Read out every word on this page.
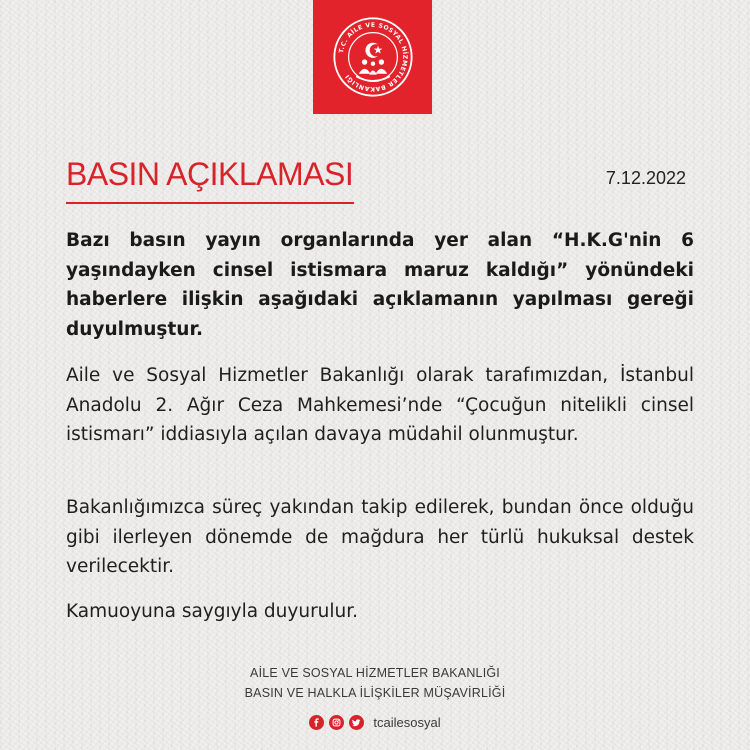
T.C. AİLE VE SOSYAL HİZMETLER BAKANLIĞI
BASIN AÇIKLAMASI	7.12.2022

Bazı basın yayın organlarında yer alan “H.K.G'nin 6 yaşındayken cinsel istismara maruz kaldığı” yönündeki haberlere ilişkin aşağıdaki açıklamanın yapılması gereği duyulmuştur.

Aile ve Sosyal Hizmetler Bakanlığı olarak tarafımızdan, İstanbul Anadolu 2. Ağır Ceza Mahkemesi’nde “Çocuğun nitelikli cinsel istismarı” iddiasıyla açılan davaya müdahil olunmuştur.

Bakanlığımızca süreç yakından takip edilerek, bundan önce olduğu gibi ilerleyen dönemde de mağdura her türlü hukuksal destek verilecektir.

Kamuoyuna saygıyla duyurulur.

AİLE VE SOSYAL HİZMETLER BAKANLIĞI
BASIN VE HALKLA İLİŞKİLER MÜŞAVİRLİĞİ
tcailesosyal
